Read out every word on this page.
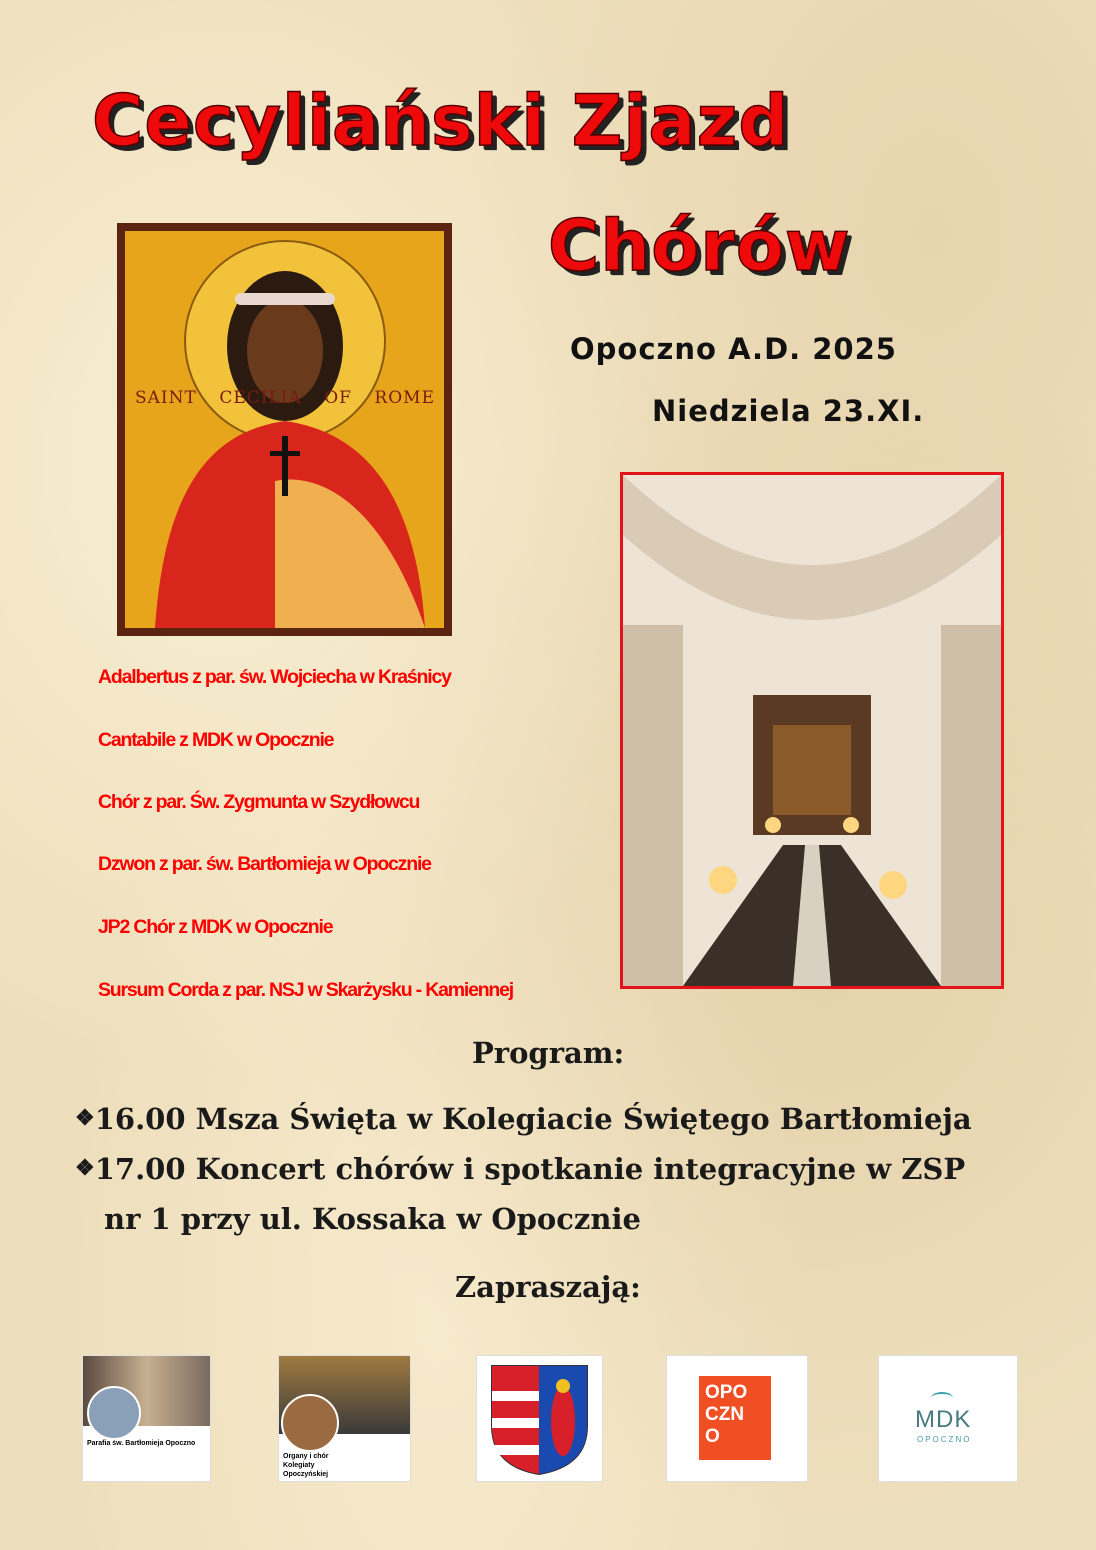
Cecyliański Zjazd
Chórów
Opoczno A.D. 2025
Niedziela 23.XI.
SAINT CECILIA OF ROME
Adalbertus z par. św. Wojciecha w Kraśnicy
Cantabile z MDK w Opocznie
Chór z par. Św. Zygmunta w Szydłowcu
Dzwon z par. św. Bartłomieja w Opocznie
JP2 Chór z MDK w Opocznie
Sursum Corda z par. NSJ w Skarżysku - Kamiennej
Program:
❖16.00 Msza Święta w Kolegiacie Świętego Bartłomieja
❖17.00 Koncert chórów i spotkanie integracyjne w ZSP
nr 1 przy ul. Kossaka w Opocznie
Zapraszają:
Parafia św. Bartłomieja Opoczno
Organy i chór Kolegiaty Opoczyńskiej
OPO
CZN
O
MDK
OPOCZNO
